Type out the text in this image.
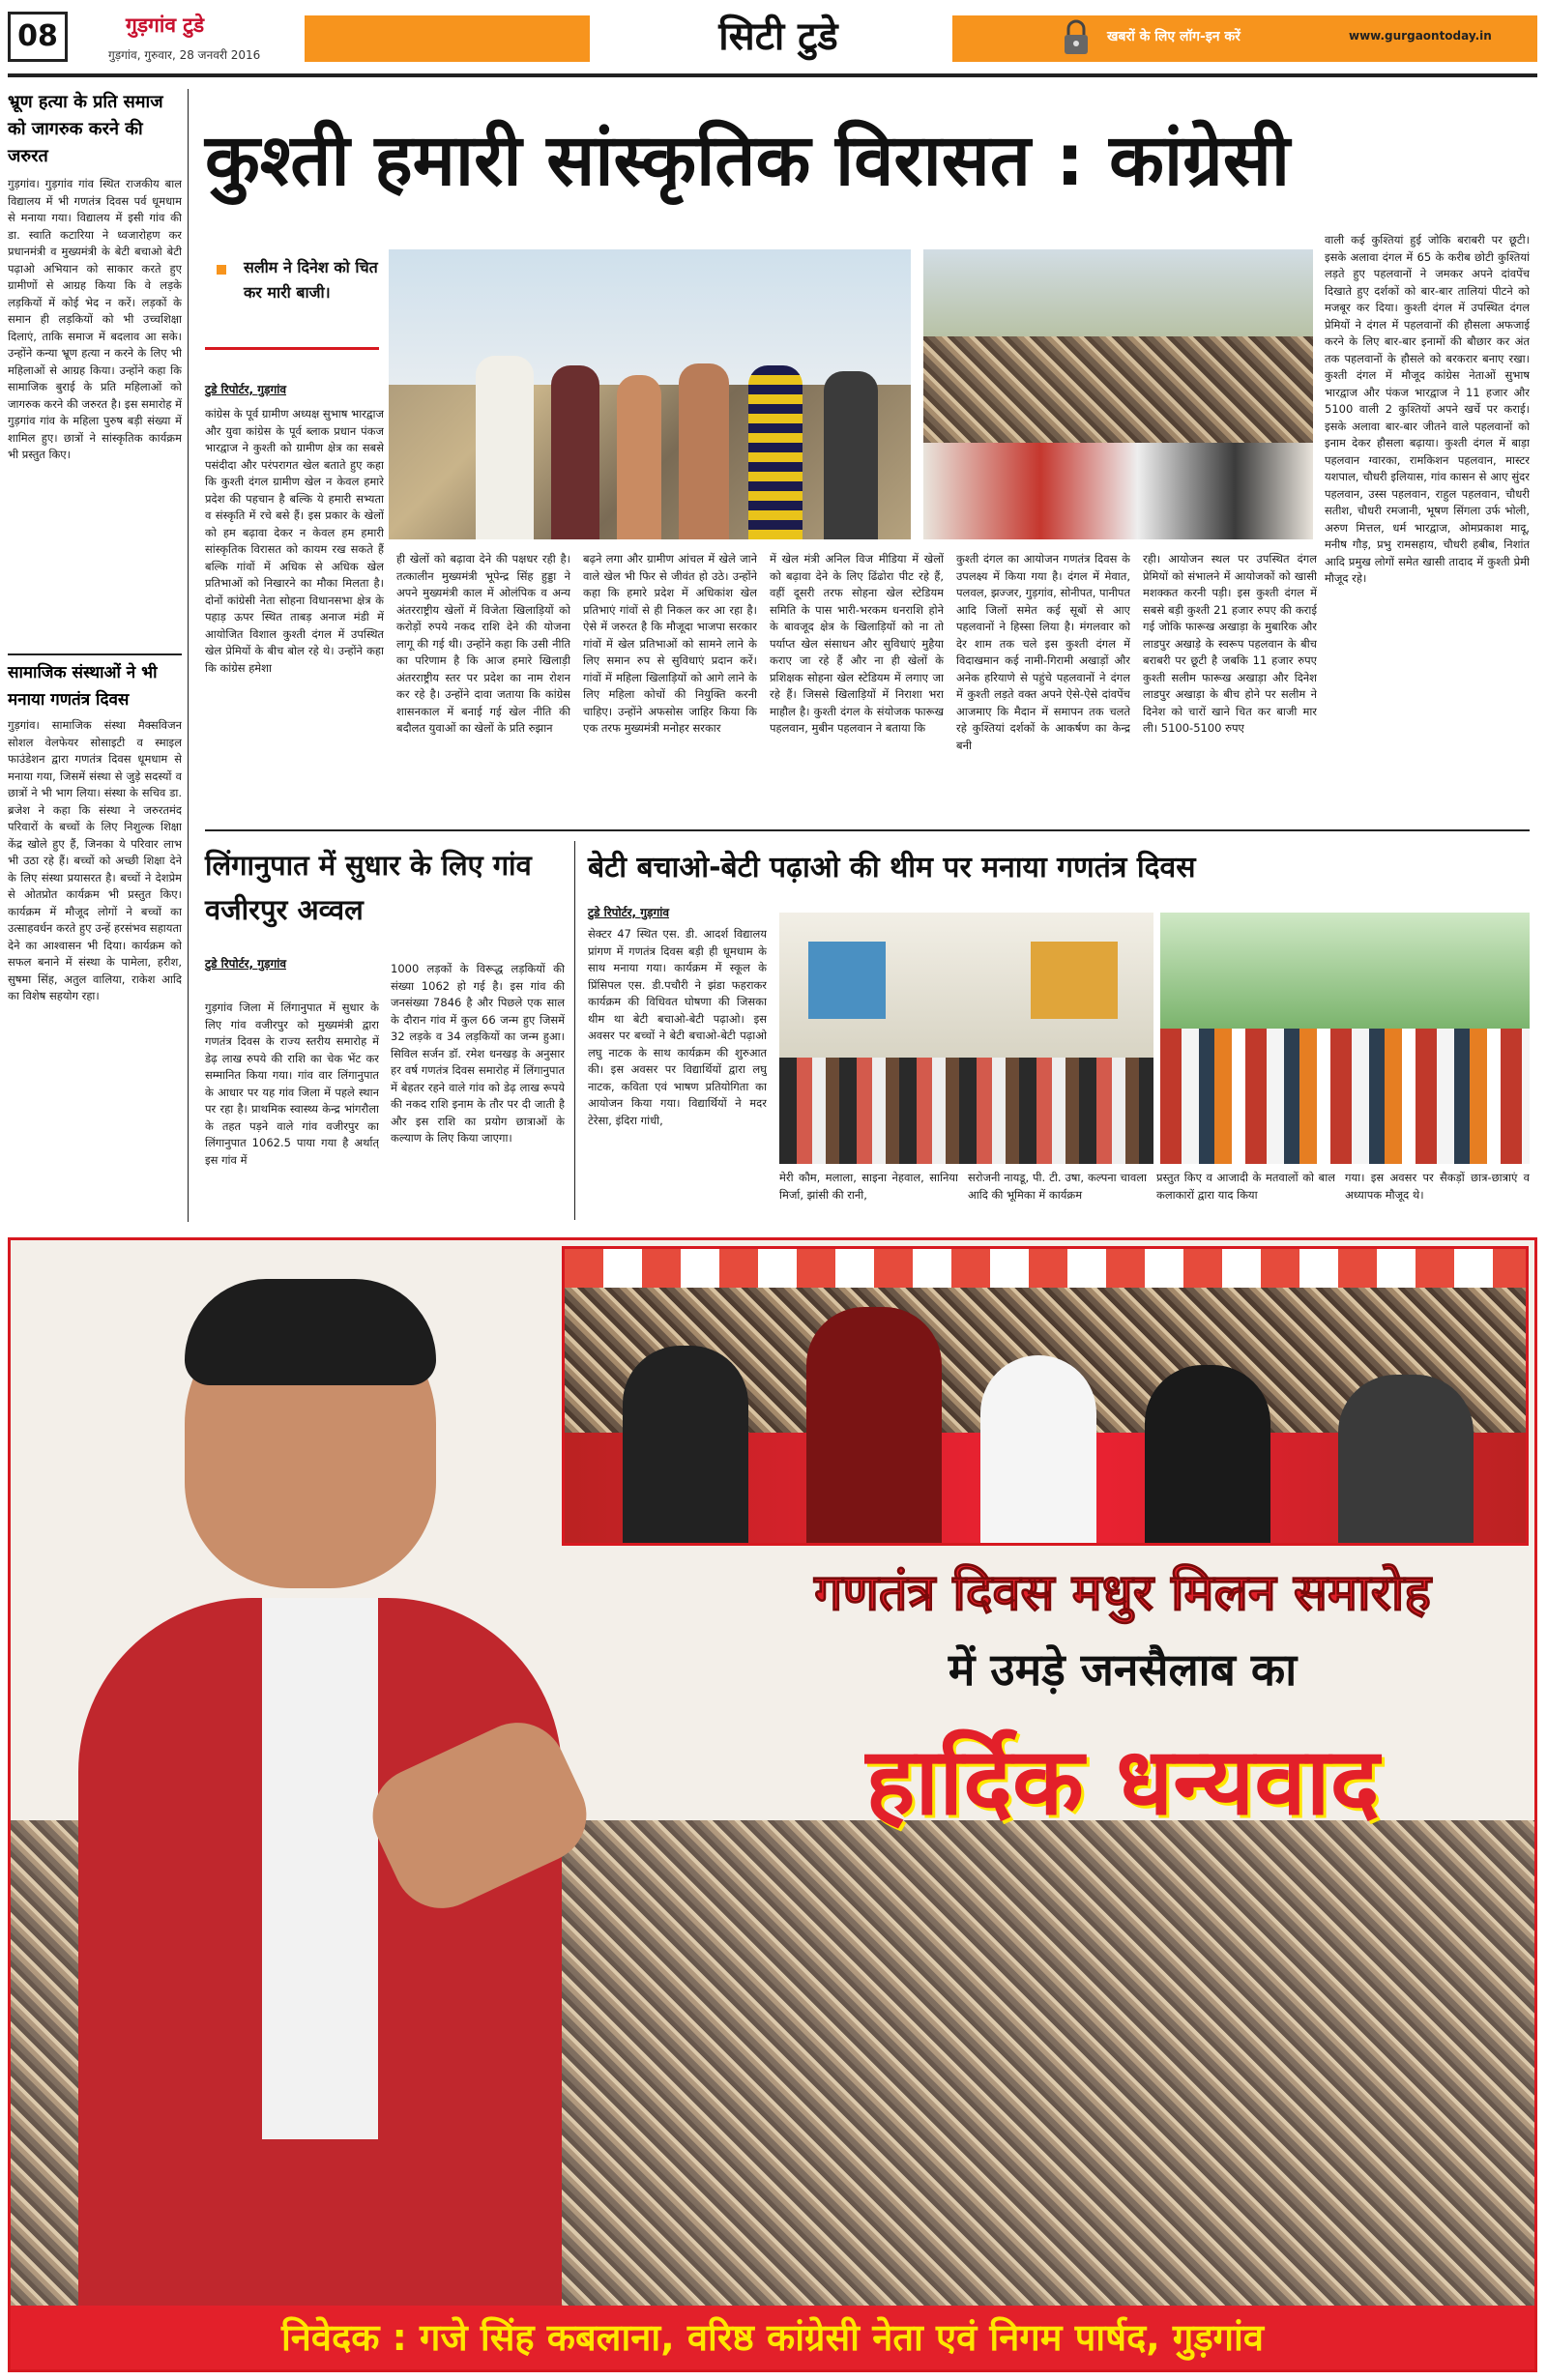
08	गुड़गांव टुडे
गुड़गांव, गुरुवार, 28 जनवरी 2016	सिटी टुडे	खबरों के लिए लॉग-इन करें	www.gurgaontoday.in
भ्रूण हत्या के प्रति समाज को जागरुक करने की जरुरत
गुड़गांव। गुड़गांव गांव स्थित राजकीय बाल विद्यालय में भी गणतंत्र दिवस पर्व धूमधाम से मनाया गया। विद्यालय में इसी गांव की डा. स्वाति कटारिया ने ध्वजारोहण कर प्रधानमंत्री व मुख्यमंत्री के बेटी बचाओ बेटी पढ़ाओ अभियान को साकार करते हुए ग्रामीणों से आग्रह किया कि वे लड़के लड़कियों में कोई भेद न करें। लड़कों के समान ही लड़कियों को भी उच्चशिक्षा दिलाएं, ताकि समाज में बदलाव आ सके। उन्होंने कन्या भ्रूण हत्या न करने के लिए भी महिलाओं से आग्रह किया। उन्होंने कहा कि सामाजिक बुराई के प्रति महिलाओं को जागरुक करने की जरुरत है। इस समारोह में गुड़गांव गांव के महिला पुरुष बड़ी संख्या में शामिल हुए। छात्रों ने सांस्कृतिक कार्यक्रम भी प्रस्तुत किए।
सामाजिक संस्थाओं ने भी मनाया गणतंत्र दिवस
गुड़गांव। सामाजिक संस्था मैक्सविजन सोशल वेलफेयर सोसाइटी व स्माइल फाउंडेशन द्वारा गणतंत्र दिवस धूमधाम से मनाया गया, जिसमें संस्था से जुड़े सदस्यों व छात्रों ने भी भाग लिया। संस्था के सचिव डा. ब्रजेश ने कहा कि संस्था ने जरुरतमंद परिवारों के बच्चों के लिए निशुल्क शिक्षा केंद्र खोले हुए हैं, जिनका ये परिवार लाभ भी उठा रहे हैं। बच्चों को अच्छी शिक्षा देने के लिए संस्था प्रयासरत है। बच्चों ने देशप्रेम से ओतप्रोत कार्यक्रम भी प्रस्तुत किए। कार्यक्रम में मौजूद लोगों ने बच्चों का उत्साहवर्धन करते हुए उन्हें हरसंभव सहायता देने का आश्वासन भी दिया। कार्यक्रम को सफल बनाने में संस्था के पामेला, हरीश, सुषमा सिंह, अतुल वालिया, राकेश आदि का विशेष सहयोग रहा।
कुश्ती हमारी सांस्कृतिक विरासत : कांग्रेसी
सलीम ने दिनेश को चित कर मारी बाजी।
टुडे रिपोर्टर, गुड़गांव
कांग्रेस के पूर्व ग्रामीण अध्यक्ष सुभाष भारद्वाज और युवा कांग्रेस के पूर्व ब्लाक प्रधान पंकज भारद्वाज ने कुश्ती को ग्रामीण क्षेत्र का सबसे पसंदीदा और परंपरागत खेल बताते हुए कहा कि कुश्ती दंगल ग्रामीण खेल न केवल हमारे प्रदेश की पहचान है बल्कि ये हमारी सभ्यता व संस्कृति में रचे बसे हैं। इस प्रकार के खेलों को हम बढ़ावा देकर न केवल हम हमारी सांस्कृतिक विरासत को कायम रख सकते हैं बल्कि गांवों में अधिक से अधिक खेल प्रतिभाओं को निखारने का मौका मिलता है। दोनों कांग्रेसी नेता सोहना विधानसभा क्षेत्र के पहाड़ ऊपर स्थित ताबड़ अनाज मंडी में आयोजित विशाल कुश्ती दंगल में उपस्थित खेल प्रेमियों के बीच बोल रहे थे। उन्होंने कहा कि कांग्रेस हमेशा
ही खेलों को बढ़ावा देने की पक्षधर रही है। तत्कालीन मुख्यमंत्री भूपेन्द्र सिंह हुड्डा ने अपने मुख्यमंत्री काल में ओलंपिक व अन्य अंतरराष्ट्रीय खेलों में विजेता खिलाड़ियों को करोड़ों रुपये नकद राशि देने की योजना लागू की गई थी। उन्होंने कहा कि उसी नीति का परिणाम है कि आज हमारे खिलाड़ी अंतरराष्ट्रीय स्तर पर प्रदेश का नाम रोशन कर रहे है। उन्होंने दावा जताया कि कांग्रेस शासनकाल में बनाई गई खेल नीति की बदौलत युवाओं का खेलों के प्रति रुझान
बढ़ने लगा और ग्रामीण आंचल में खेले जाने वाले खेल भी फिर से जीवंत हो उठे। उन्होंने कहा कि हमारे प्रदेश में अधिकांश खेल प्रतिभाएं गांवों से ही निकल कर आ रहा है। ऐसे में जरुरत है कि मौजूदा भाजपा सरकार गांवों में खेल प्रतिभाओं को सामने लाने के लिए समान रुप से सुविधाएं प्रदान करें। गांवों में महिला खिलाड़ियों को आगे लाने के लिए महिला कोचों की नियुक्ति करनी चाहिए। उन्होंने अफसोस जाहिर किया कि एक तरफ मुख्यमंत्री मनोहर सरकार
में खेल मंत्री अनिल विज मीडिया में खेलों को बढ़ावा देने के लिए ढिंढोरा पीट रहे हैं, वहीं दूसरी तरफ सोहना खेल स्टेडियम समिति के पास भारी-भरकम धनराशि होने के बावजूद क्षेत्र के खिलाड़ियों को ना तो पर्याप्त खेल संसाधन और सुविधाएं मुहैया कराए जा रहे हैं और ना ही खेलों के प्रशिक्षक सोहना खेल स्टेडियम में लगाए जा रहे हैं। जिससे खिलाड़ियों में निराशा भरा माहौल है। कुश्ती दंगल के संयोजक फारूख पहलवान, मुबीन पहलवान ने बताया कि
कुश्ती दंगल का आयोजन गणतंत्र दिवस के उपलक्ष्य में किया गया है। दंगल में मेवात, पलवल, झज्जर, गुड़गांव, सोनीपत, पानीपत आदि जिलों समेत कई सूबों से आए पहलवानों ने हिस्सा लिया है। मंगलवार को देर शाम तक चले इस कुश्ती दंगल में विदाखमान कई नामी-गिरामी अखाड़ों और अनेक हरियाणे से पहुंचे पहलवानों ने दंगल में कुश्ती लड़ते वक्त अपने ऐसे-ऐसे दांवपेंच आजमाए कि मैदान में समापन तक चलते रहे कुश्तियां दर्शकों के आकर्षण का केन्द्र बनी
रही। आयोजन स्थल पर उपस्थित दंगल प्रेमियों को संभालने में आयोजकों को खासी मशक्कत करनी पड़ी। इस कुश्ती दंगल में सबसे बड़ी कुश्ती 21 हजार रुपए की कराई गई जोकि फारूख अखाड़ा के मुबारिक और लाडपुर अखाड़े के स्वरूप पहलवान के बीच बराबरी पर छूटी है जबकि 11 हजार रुपए कुश्ती सलीम फारूख अखाड़ा और दिनेश लाडपुर अखाड़ा के बीच होने पर सलीम ने दिनेश को चारों खाने चित कर बाजी मार ली। 5100-5100 रुपए
वाली कई कुश्तियां हुई जोकि बराबरी पर छूटी। इसके अलावा दंगल में 65 के करीब छोटी कुश्तियां लड़ते हुए पहलवानों ने जमकर अपने दांवपेंच दिखाते हुए दर्शकों को बार-बार तालियां पीटने को मजबूर कर दिया। कुश्ती दंगल में उपस्थित दंगल प्रेमियों ने दंगल में पहलवानों की हौसला अफजाई करने के लिए बार-बार इनामों की बौछार कर अंत तक पहलवानों के हौसले को बरकरार बनाए रखा। कुश्ती दंगल में मौजूद कांग्रेस नेताओं सुभाष भारद्वाज और पंकज भारद्वाज ने 11 हजार और 5100 वाली 2 कुश्तियों अपने खर्चे पर कराई। इसके अलावा बार-बार जीतने वाले पहलवानों को इनाम देकर हौसला बढ़ाया। कुश्ती दंगल में बाड़ा पहलवान ग्वारका, रामकिशन पहलवान, मास्टर यशपाल, चौधरी इलियास, गांव कासन से आए सुंदर पहलवान, उस्स पहलवान, राहुल पहलवान, चौधरी सतीश, चौधरी रमजानी, भूषण सिंगला उर्फ भोली, अरुण मित्तल, धर्म भारद्वाज, ओमप्रकाश मादू, मनीष गौड़, प्रभु रामसहाय, चौधरी हबीब, निशांत आदि प्रमुख लोगों समेत खासी तादाद में कुश्ती प्रेमी मौजूद रहे।
लिंगानुपात में सुधार के लिए गांव वजीरपुर अव्वल
टुडे रिपोर्टर, गुड़गांव
गुड़गांव जिला में लिंगानुपात में सुधार के लिए गांव वजीरपुर को मुख्यमंत्री द्वारा गणतंत्र दिवस के राज्य स्तरीय समारोह में डेढ़ लाख रुपये की राशि का चेक भेंट कर सम्मानित किया गया। गांव वार लिंगानुपात के आधार पर यह गांव जिला में पहले स्थान पर रहा है। प्राथमिक स्वास्थ्य केन्द्र भांगरौला के तहत पड़ने वाले गांव वजीरपुर का लिंगानुपात 1062.5 पाया गया है अर्थात् इस गांव में
1000 लड़कों के विरूद्ध लड़कियों की संख्या 1062 हो गई है। इस गांव की जनसंख्या 7846 है और पिछले एक साल के दौरान गांव में कुल 66 जन्म हुए जिसमें 32 लड़के व 34 लड़कियों का जन्म हुआ। सिविल सर्जन डॉ. रमेश धनखड़ के अनुसार हर वर्ष गणतंत्र दिवस समारोह में लिंगानुपात में बेहतर रहने वाले गांव को डेढ़ लाख रूपये की नकद राशि इनाम के तौर पर दी जाती है और इस राशि का प्रयोग छात्राओं के कल्याण के लिए किया जाएगा।
बेटी बचाओ-बेटी पढ़ाओ की थीम पर मनाया गणतंत्र दिवस
टुडे रिपोर्टर, गुड़गांव
सेक्टर 47 स्थित एस. डी. आदर्श विद्यालय प्रांगण में गणतंत्र दिवस बड़ी ही धूमधाम के साथ मनाया गया। कार्यक्रम में स्कूल के प्रिंसिपल एस. डी.पचौरी ने झंडा फहराकर कार्यक्रम की विधिवत घोषणा की जिसका थीम था बेटी बचाओ-बेटी पढ़ाओ। इस अवसर पर बच्चों ने बेटी बचाओ-बेटी पढ़ाओ लघु नाटक के साथ कार्यक्रम की शुरुआत की। इस अवसर पर विद्यार्थियों द्वारा लघु नाटक, कविता एवं भाषण प्रतियोगिता का आयोजन किया गया। विद्यार्थियों ने मदर टेरेसा, इंदिरा गांधी,
मेरी कौम, मलाला, साइना नेहवाल, सानिया मिर्जा, झांसी की रानी,
सरोजनी नायडू, पी. टी. उषा, कल्पना चावला आदि की भूमिका में कार्यक्रम
प्रस्तुत किए व आजादी के मतवालों को बाल कलाकारों द्वारा याद किया
गया। इस अवसर पर सैकड़ों छात्र-छात्राएं व अध्यापक मौजूद थे।
गणतंत्र दिवस मधुर मिलन समारोह
में उमड़े जनसैलाब का
हार्दिक धन्यवाद
निवेदक : गजे सिंह कबलाना, वरिष्ठ कांग्रेसी नेता एवं निगम पार्षद, गुड़गांव
